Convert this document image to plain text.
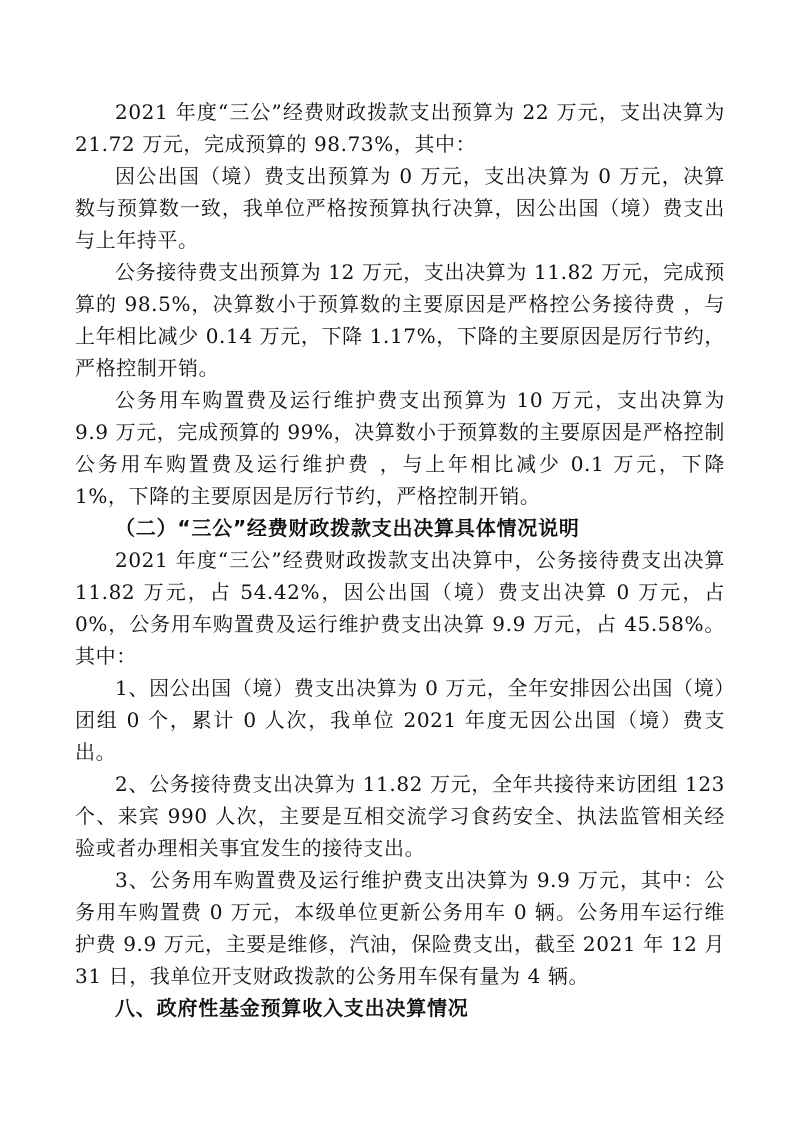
2021 年度“三公”经费财政拨款支出预算为 22 万元，支出决算为 21.72 万元，完成预算的 98.73%，其中：

因公出国（境）费支出预算为 0 万元，支出决算为 0 万元，决算数与预算数一致，我单位严格按预算执行决算，因公出国（境）费支出与上年持平。

公务接待费支出预算为 12 万元，支出决算为 11.82 万元，完成预算的 98.5%，决算数小于预算数的主要原因是严格控公务接待费 ，与上年相比减少 0.14 万元，下降 1.17%，下降的主要原因是厉行节约，严格控制开销。

公务用车购置费及运行维护费支出预算为 10 万元，支出决算为 9.9 万元，完成预算的 99%，决算数小于预算数的主要原因是严格控制公务用车购置费及运行维护费 ，与上年相比减少 0.1 万元，下降 1%，下降的主要原因是厉行节约，严格控制开销。

（二）“三公”经费财政拨款支出决算具体情况说明

2021 年度“三公”经费财政拨款支出决算中，公务接待费支出决算 11.82 万元，占 54.42%，因公出国（境）费支出决算 0 万元，占 0%，公务用车购置费及运行维护费支出决算 9.9 万元，占 45.58%。其中：

1、因公出国（境）费支出决算为 0 万元，全年安排因公出国（境）团组 0 个，累计 0 人次，我单位 2021 年度无因公出国（境）费支出。

2、公务接待费支出决算为 11.82 万元，全年共接待来访团组 123 个、来宾 990 人次，主要是互相交流学习食药安全、执法监管相关经验或者办理相关事宜发生的接待支出。

3、公务用车购置费及运行维护费支出决算为 9.9 万元，其中：公务用车购置费 0 万元，本级单位更新公务用车 0 辆。公务用车运行维护费 9.9 万元，主要是维修，汽油，保险费支出，截至 2021 年 12 月 31 日，我单位开支财政拨款的公务用车保有量为 4 辆。

八、政府性基金预算收入支出决算情况
